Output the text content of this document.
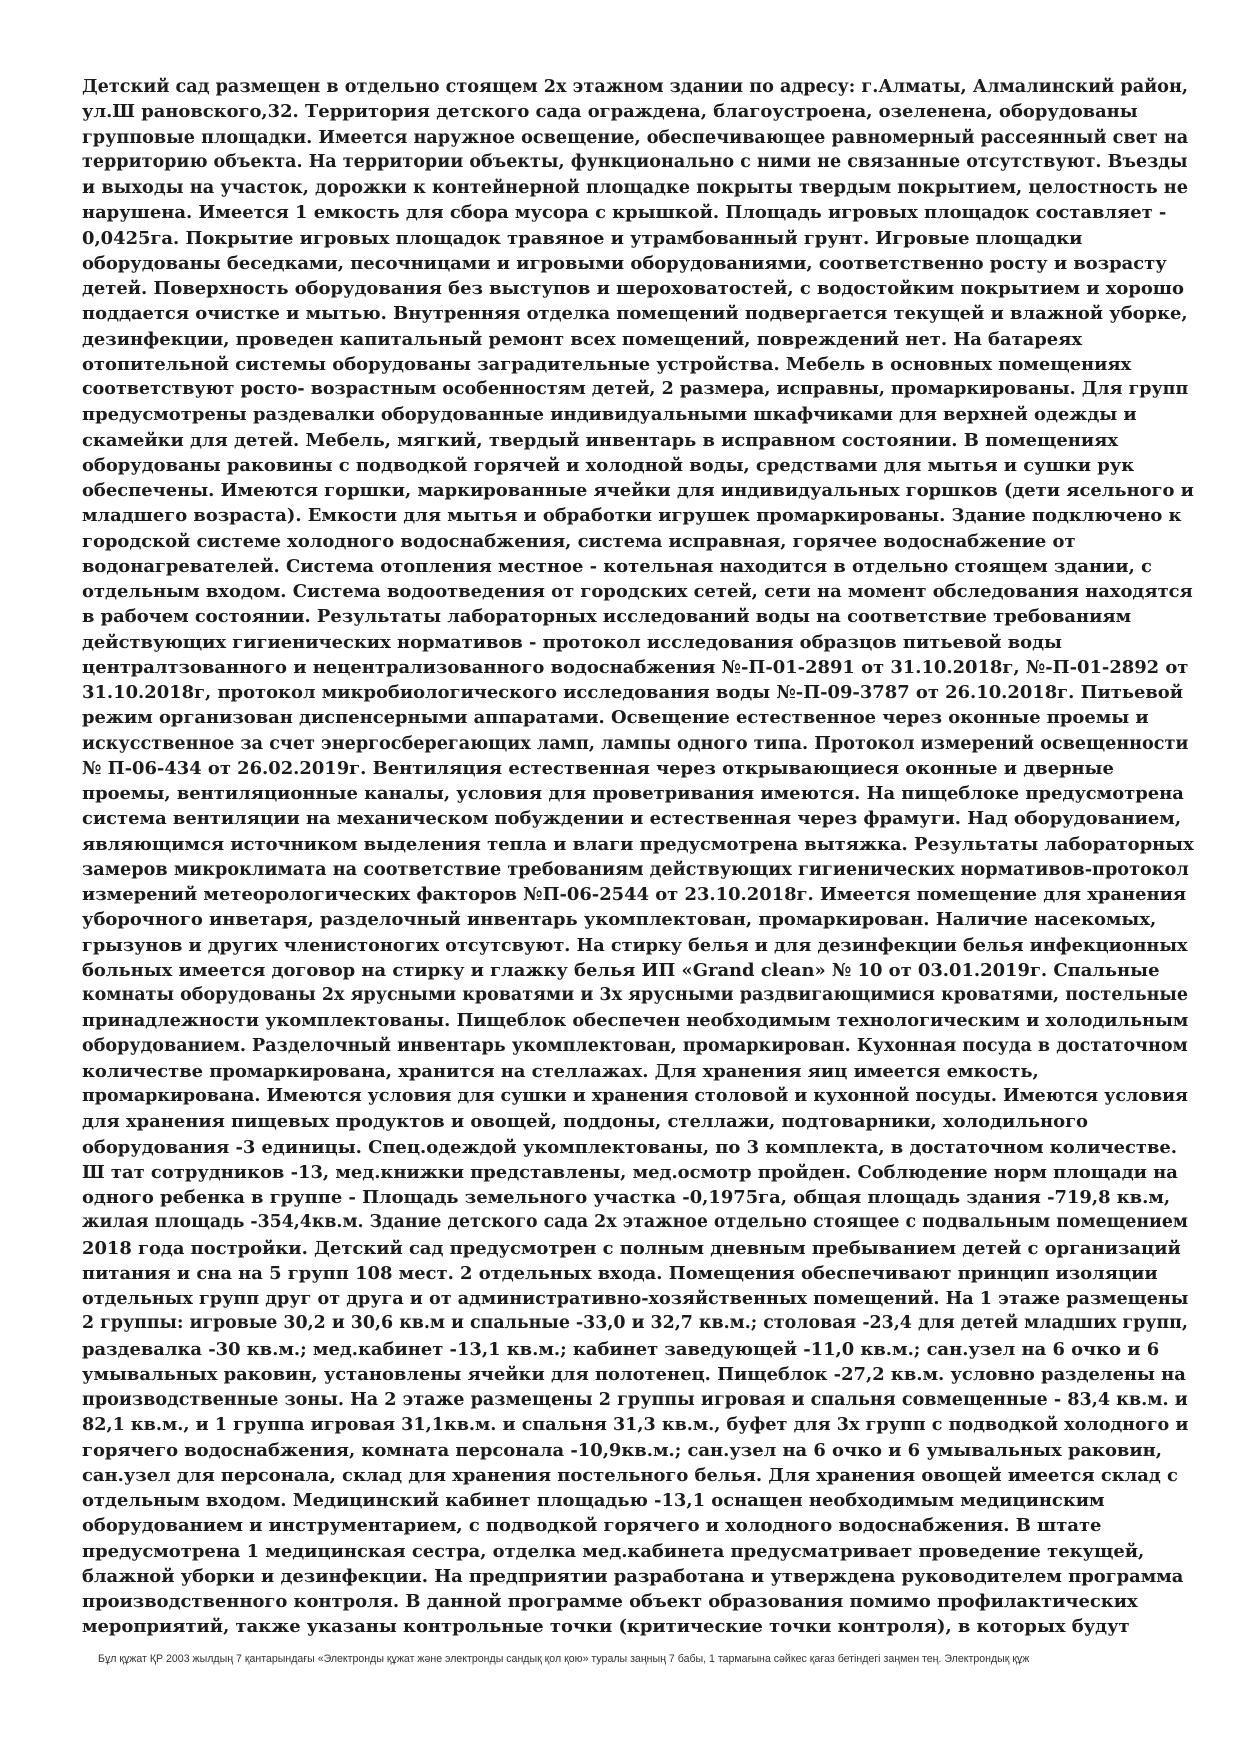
Детский сад размещен в отдельно стоящем 2х этажном здании по адресу: г.Алматы, Алмалинский район,
ул.Ш рановского,32. Территория детского сада ограждена, благоустроена, озеленена, оборудованы
групповые площадки. Имеется наружное освещение, обеспечивающее равномерный рассеянный свет на
территорию объекта. На территории объекты, функционально с ними не связанные отсутствуют. Въезды
и выходы на участок, дорожки к контейнерной площадке покрыты твердым покрытием, целостность не
нарушена. Имеется 1 емкость для сбора мусора с крышкой. Площадь игровых площадок составляет -
0,0425га. Покрытие игровых площадок травяное и утрамбованный грунт. Игровые площадки
оборудованы беседками, песочницами и игровыми оборудованиями, соответственно росту и возрасту
детей. Поверхность оборудования без выступов и шероховатостей, с водостойким покрытием и хорошо
поддается очистке и мытью. Внутренняя отделка помещений подвергается текущей и влажной уборке,
дезинфекции, проведен капитальный ремонт всех помещений, повреждений нет. На батареях
отопительной системы оборудованы заградительные устройства. Мебель в основных помещениях
соответствуют росто- возрастным особенностям детей, 2 размера, исправны, промаркированы. Для групп
предусмотрены раздевалки оборудованные индивидуальными шкафчиками для верхней одежды и
скамейки для детей. Мебель, мягкий, твердый инвентарь в исправном состоянии. В помещениях
оборудованы раковины с подводкой горячей и холодной воды, средствами для мытья и сушки рук
обеспечены. Имеются горшки, маркированные ячейки для индивидуальных горшков (дети ясельного и
младшего возраста). Емкости для мытья и обработки игрушек промаркированы. Здание подключено к
городской системе холодного водоснабжения, система исправная, горячее водоснабжение от
водонагревателей. Система отопления местное - котельная находится в отдельно стоящем здании, с
отдельным входом. Система водоотведения от городских сетей, сети на момент обследования находятся
в рабочем состоянии. Результаты лабораторных исследований воды на соответствие требованиям
действующих гигиенических нормативов - протокол исследования образцов питьевой воды
централтзованного и нецентрализованного водоснабжения №-П-01-2891 от 31.10.2018г, №-П-01-2892 от
31.10.2018г, протокол микробиологического исследования воды №-П-09-3787 от 26.10.2018г. Питьевой
режим организован диспенсерными аппаратами. Освещение естественное через оконные проемы и
искусственное за счет энергосберегающих ламп, лампы одного типа. Протокол измерений освещенности
№ П-06-434 от 26.02.2019г. Вентиляция естественная через открывающиеся оконные и дверные
проемы, вентиляционные каналы, условия для проветривания имеются. На пищеблоке предусмотрена
система вентиляции на механическом побуждении и естественная через фрамуги. Над оборудованием,
являющимся источником выделения тепла и влаги предусмотрена вытяжка. Результаты лабораторных
замеров микроклимата на соответствие требованиям действующих гигиенических нормативов-протокол
измерений метеорологических факторов №П-06-2544 от 23.10.2018г. Имеется помещение для хранения
уборочного инветаря, разделочный инвентарь укомплектован, промаркирован. Наличие насекомых,
грызунов и других членистоногих отсутсвуют. На стирку белья и для дезинфекции белья инфекционных
больных имеется договор на стирку и глажку белья ИП «Grand clean» № 10 от 03.01.2019г. Спальные
комнаты оборудованы 2х ярусными кроватями и 3х ярусными раздвигающимися кроватями, постельные
принадлежности укомплектованы. Пищеблок обеспечен необходимым технологическим и холодильным
оборудованием. Разделочный инвентарь укомплектован, промаркирован. Кухонная посуда в достаточном
количестве промаркирована, хранится на стеллажах. Для хранения яиц имеется емкость,
промаркирована. Имеются условия для сушки и хранения столовой и кухонной посуды. Имеются условия
для хранения пищевых продуктов и овощей, поддоны, стеллажи, подтоварники, холодильного
оборудования -3 единицы. Спец.одеждой укомплектованы, по 3 комплекта, в достаточном количестве.
Ш тат сотрудников -13, мед.книжки представлены, мед.осмотр пройден. Соблюдение норм площади на
одного ребенка в группе - Площадь земельного участка -0,1975га, общая площадь здания -719,8 кв.м,
жилая площадь -354,4кв.м. Здание детского сада 2х этажное отдельно стоящее с подвальным помещением
2018 года постройки. Детский сад предусмотрен с полным дневным пребыванием детей с организаций
питания и сна на 5 групп 108 мест. 2 отдельных входа. Помещения обеспечивают принцип изоляции
отдельных групп друг от друга и от административно-хозяйственных помещений. На 1 этаже размещены
2 группы: игровые 30,2 и 30,6 кв.м и спальные -33,0 и 32,7 кв.м.; столовая -23,4 для детей младших групп,
раздевалка -30 кв.м.; мед.кабинет -13,1 кв.м.; кабинет заведующей -11,0 кв.м.; сан.узел на 6 очко и 6
умывальных раковин, установлены ячейки для полотенец. Пищеблок -27,2 кв.м. условно разделены на
производственные зоны. На 2 этаже размещены 2 группы игровая и спальня совмещенные - 83,4 кв.м. и
82,1 кв.м., и 1 группа игровая 31,1кв.м. и спальня 31,3 кв.м., буфет для 3х групп с подводкой холодного и
горячего водоснабжения, комната персонала -10,9кв.м.; сан.узел на 6 очко и 6 умывальных раковин,
сан.узел для персонала, склад для хранения постельного белья. Для хранения овощей имеется склад с
отдельным входом. Медицинский кабинет площадью -13,1 оснащен необходимым медицинским
оборудованием и инструментарием, с подводкой горячего и холодного водоснабжения. В штате
предусмотрена 1 медицинская сестра, отделка мед.кабинета предусматривает проведение текущей,
блажной уборки и дезинфекции. На предприятии разработана и утверждена руководителем программа
производственного контроля. В данной программе объект образования помимо профилактических
мероприятий, также указаны контрольные точки (критические точки контроля), в которых будут
Бұл құжат ҚР 2003 жылдың 7 қантарындағы «Электронды құжат және электронды сандық қол қою» туралы заңның 7 бабы, 1 тармағына сәйкес қағаз бетіндегі заңмен тең. Электрондық құж
